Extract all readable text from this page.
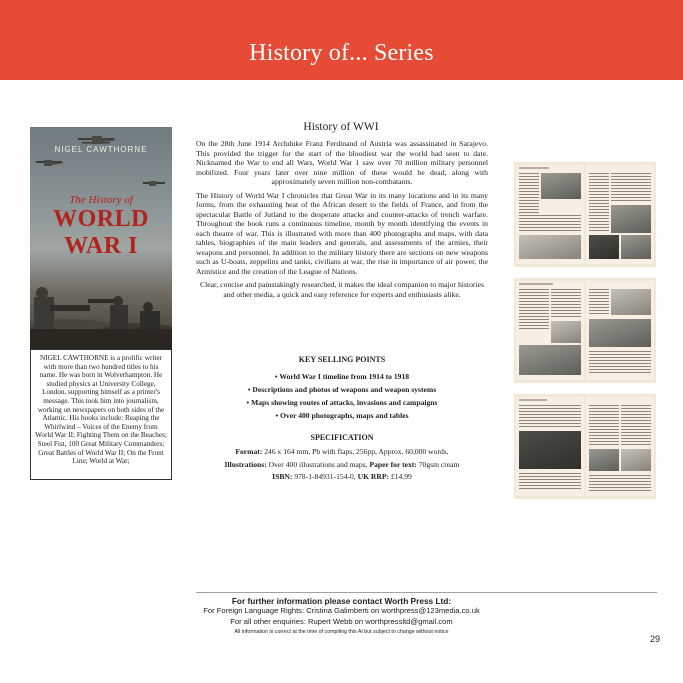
History of... Series
NIGEL CAWTHORNE
The History of
WORLD
WAR I
NIGEL CAWTHORNE is a prolific writer with more than two hundred titles to his name. He was born in Wolverhampton. He studied physics at University College, London, supporting himself as a printer's message. This took him into journalism, working on newspapers on both sides of the Atlantic. His books include: Reaping the Whirlwind – Voices of the Enemy from World War II; Fighting Them on the Beaches; Steel Fist, 100 Great Military Commanders; Great Battles of World War II; On the Front Line; World at War;
History of WWI

On the 28th June 1914 Archduke Franz Ferdinand of Austria was assassinated in Sarajevo. This provided the trigger for the start of the bloodiest war the world had seen to date. Nicknamed the War to end all Wars, World War 1 saw over 70 million military personnel mobilized. Four years later over nine million of these would be dead, along with approximately seven million non-combatants.

The History of World War I chronicles that Great War in its many locations and in its many forms, from the exhausting heat of the African desert to the fields of France, and from the spectacular Battle of Jutland to the desperate attacks and counter-attacks of trench warfare. Throughout the book runs a continuous timeline, month by month identifying the events in each theatre of war. This is illustrated with more than 400 photographs and maps, with data tables, biographies of the main leaders and generals, and assessments of the armies, their weapons and personnel. In addition to the military history there are sections on new weapons such as U-boats, zeppelins and tanks, civilians at war, the rise in importance of air power, the Armistice and the creation of the League of Nations.

Clear, concise and painstakingly researched, it makes the ideal companion to major histories and other media, a quick and easy reference for experts and enthusiasts alike.

KEY SELLING POINTS
• World War I timeline from 1914 to 1918
• Descriptions and photos of weapons and weapon systems
• Maps showing routes of attacks, invasions and campaigns
• Over 400 photographs, maps and tables
SPECIFICATION
Format: 246 x 164 mm, Pb with flaps, 256pp, Approx. 60,000 words,
Illustrations: Over 400 illustrations and maps, Paper for text: 70gsm cream
ISBN: 978-1-84931-154-0, UK RRP: £14.99
For further information please contact Worth Press Ltd:
For Foreign Language Rights: Cristina Galimberti on worthpress@123media.co.uk
For all other enquiries: Rupert Webb on worthpressltd@gmail.com
All information is correct at the time of compiling this AI but subject to change without notice
29
